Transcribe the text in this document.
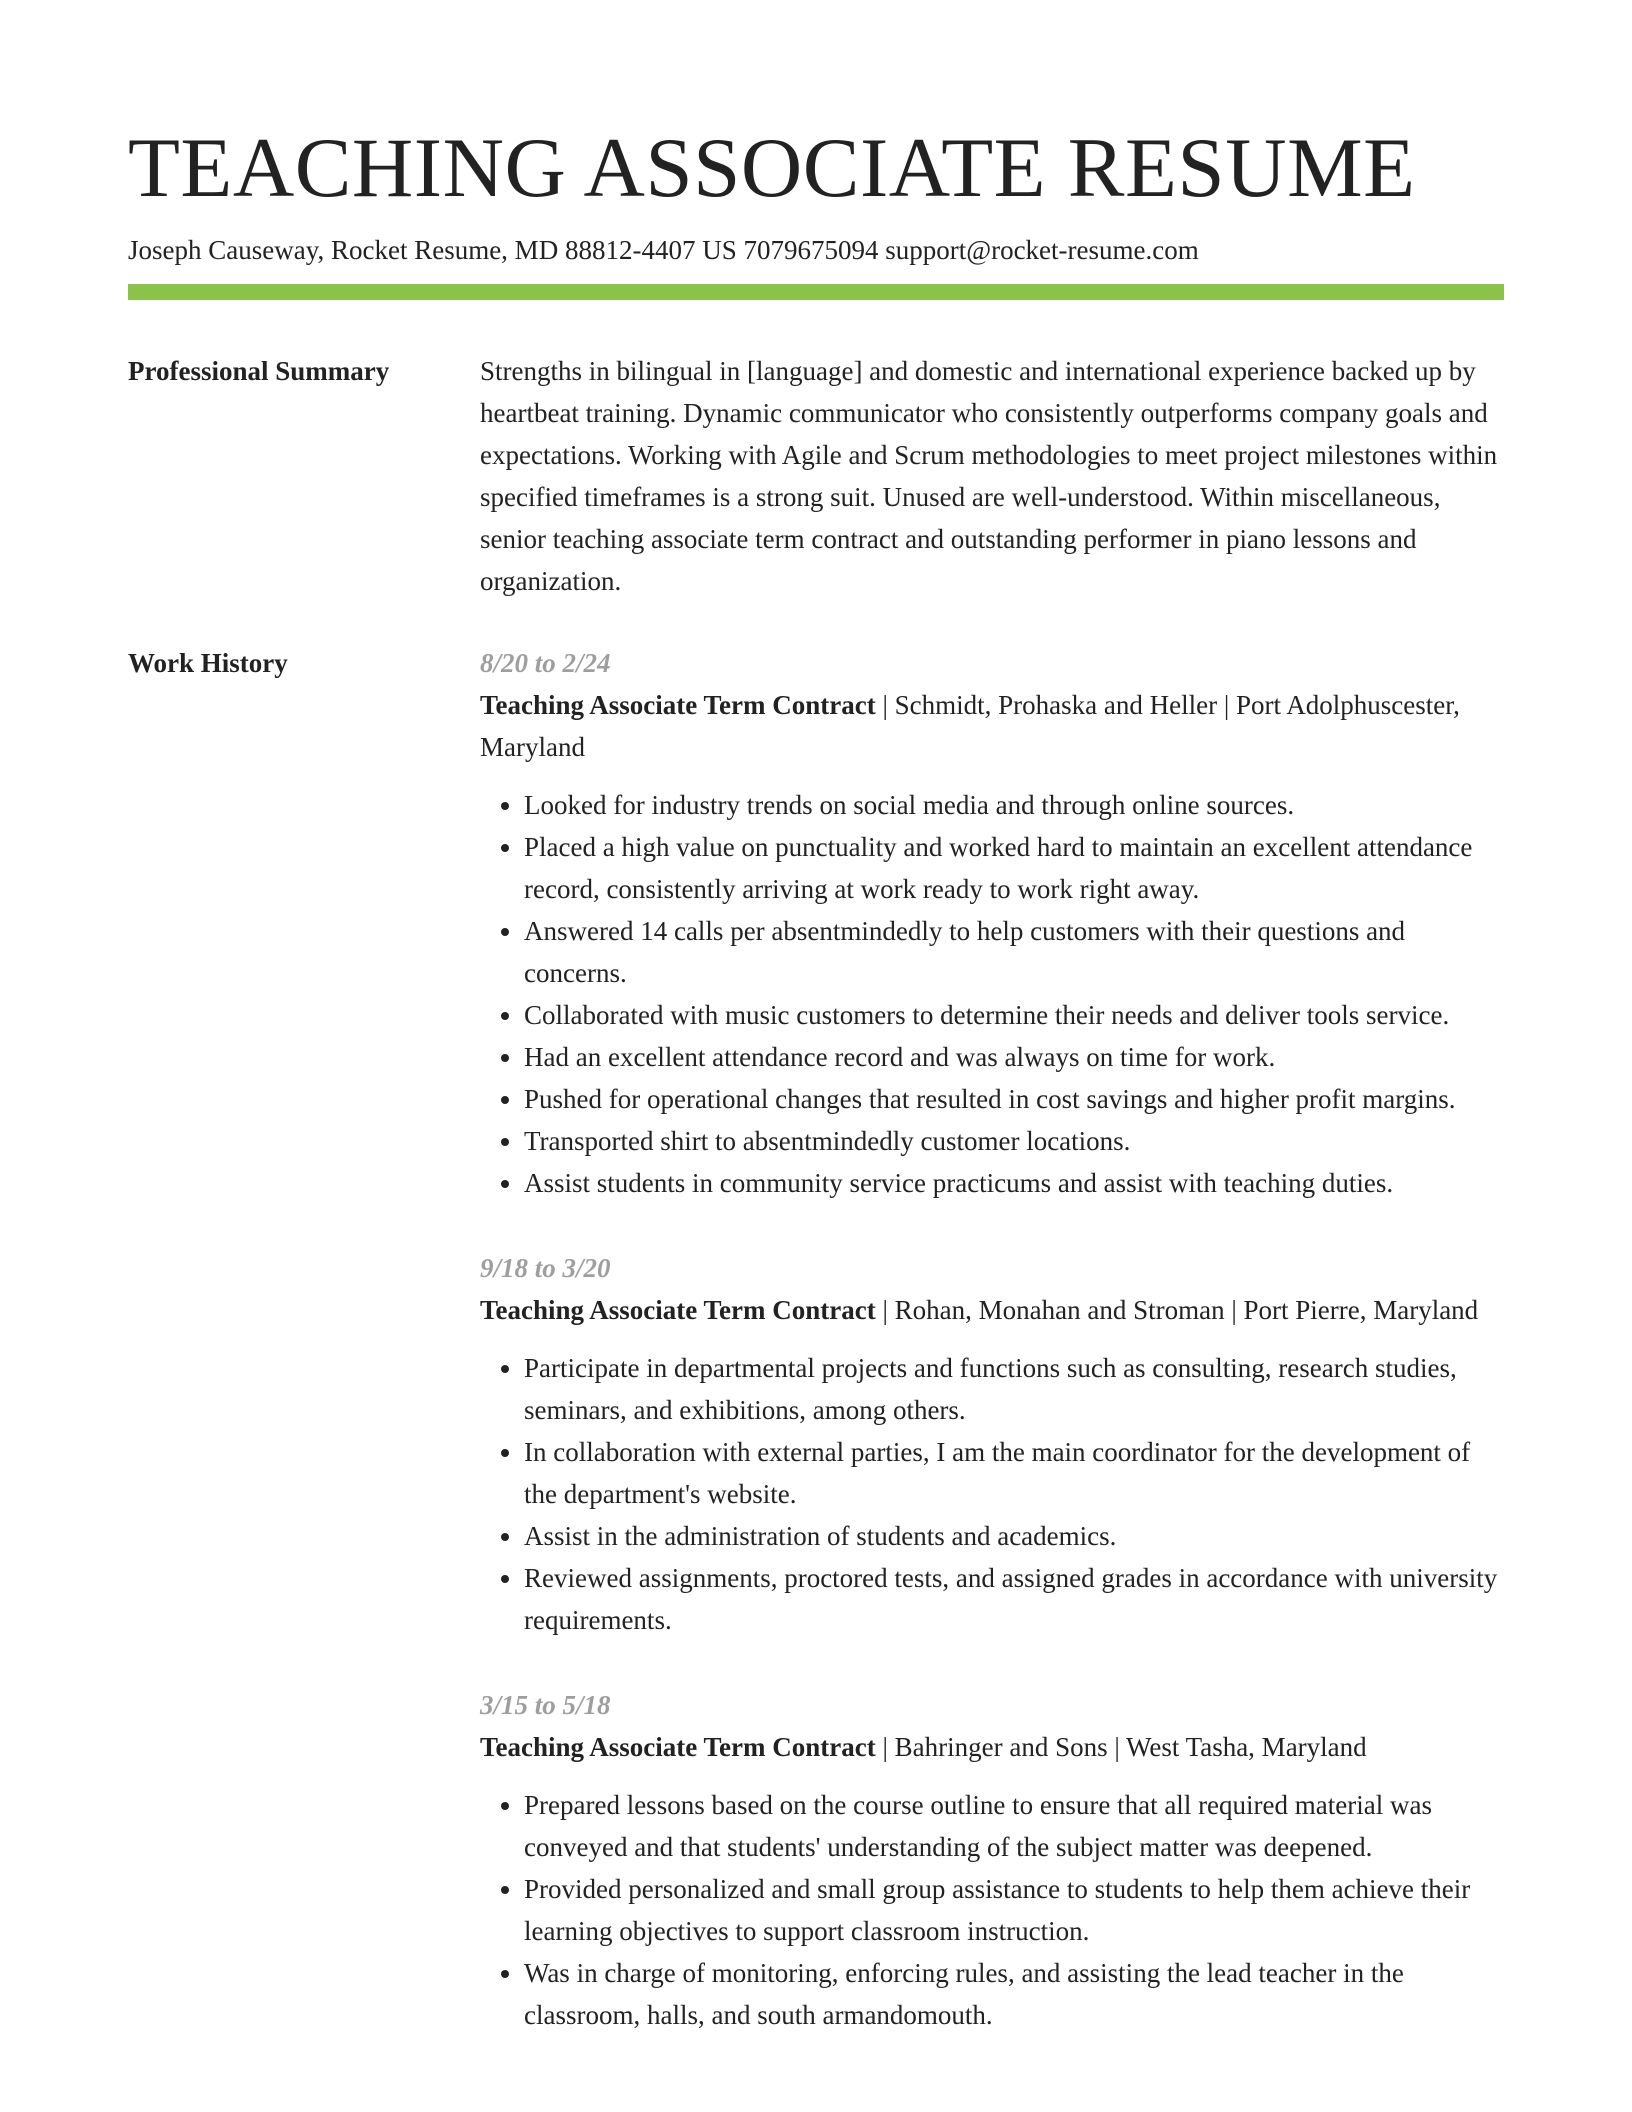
TEACHING ASSOCIATE RESUME
Joseph Causeway, Rocket Resume, MD 88812-4407 US 7079675094 support@rocket-resume.com
Professional Summary	Strengths in bilingual in [language] and domestic and international experience backed up by heartbeat training. Dynamic communicator who consistently outperforms company goals and expectations. Working with Agile and Scrum methodologies to meet project milestones within specified timeframes is a strong suit. Unused are well-understood. Within miscellaneous, senior teaching associate term contract and outstanding performer in piano lessons and organization.

Work History	8/20 to 2/24
Teaching Associate Term Contract | Schmidt, Prohaska and Heller | Port Adolphuscester, Maryland
• Looked for industry trends on social media and through online sources.
• Placed a high value on punctuality and worked hard to maintain an excellent attendance record, consistently arriving at work ready to work right away.
• Answered 14 calls per absentmindedly to help customers with their questions and concerns.
• Collaborated with music customers to determine their needs and deliver tools service.
• Had an excellent attendance record and was always on time for work.
• Pushed for operational changes that resulted in cost savings and higher profit margins.
• Transported shirt to absentmindedly customer locations.
• Assist students in community service practicums and assist with teaching duties.
9/18 to 3/20
Teaching Associate Term Contract | Rohan, Monahan and Stroman | Port Pierre, Maryland
• Participate in departmental projects and functions such as consulting, research studies, seminars, and exhibitions, among others.
• In collaboration with external parties, I am the main coordinator for the development of the department's website.
• Assist in the administration of students and academics.
• Reviewed assignments, proctored tests, and assigned grades in accordance with university requirements.
3/15 to 5/18
Teaching Associate Term Contract | Bahringer and Sons | West Tasha, Maryland
• Prepared lessons based on the course outline to ensure that all required material was conveyed and that students' understanding of the subject matter was deepened.
• Provided personalized and small group assistance to students to help them achieve their learning objectives to support classroom instruction.
• Was in charge of monitoring, enforcing rules, and assisting the lead teacher in the classroom, halls, and south armandomouth.
